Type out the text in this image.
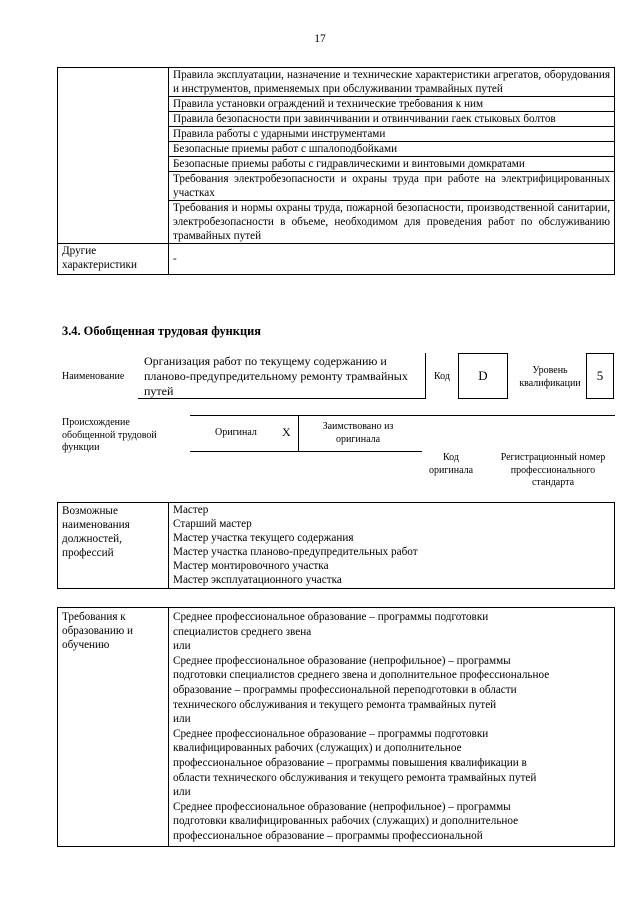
17
	Правила эксплуатации, назначение и технические характеристики агрегатов, оборудования и инструментов, применяемых при обслуживании трамвайных путей
	Правила установки ограждений и технические требования к ним
	Правила безопасности при завинчивании и отвинчивании гаек стыковых болтов
	Правила работы с ударными инструментами
	Безопасные приемы работ с шпалоподбойками
	Безопасные приемы работы с гидравлическими и винтовыми домкратами
	Требования электробезопасности и охраны труда при работе на электрифицированных участках
	Требования и нормы охраны труда, пожарной безопасности, производственной санитарии, электробезопасности в объеме, необходимом для проведения работ по обслуживанию трамвайных путей
Другие характеристики	-
3.4. Обобщенная трудовая функция
Наименование
Организация работ по текущему содержанию и планово-предупредительному ремонту трамвайных путей
Код	D	Уровень квалификации	5
Происхождение обобщенной трудовой функции
Оригинал X	Заимствовано из оригинала
Код оригинала
Регистрационный номер профессионального стандарта
Возможные наименования должностей, профессий	Мастер
Старший мастер
Мастер участка текущего содержания
Мастер участка планово-предупредительных работ
Мастер монтировочного участка
Мастер эксплуатационного участка
Требования к образованию и обучению	
Среднее профессиональное образование – программы подготовки
специалистов среднего звена
или
Среднее профессиональное образование (непрофильное) – программы
подготовки специалистов среднего звена и дополнительное профессиональное
образование – программы профессиональной переподготовки в области
технического обслуживания и текущего ремонта трамвайных путей
или
Среднее профессиональное образование – программы подготовки
квалифицированных рабочих (служащих) и дополнительное
профессиональное образование – программы повышения квалификации в
области технического обслуживания и текущего ремонта трамвайных путей
или
Среднее профессиональное образование (непрофильное) – программы
подготовки квалифицированных рабочих (служащих) и дополнительное
профессиональное образование – программы профессиональной
